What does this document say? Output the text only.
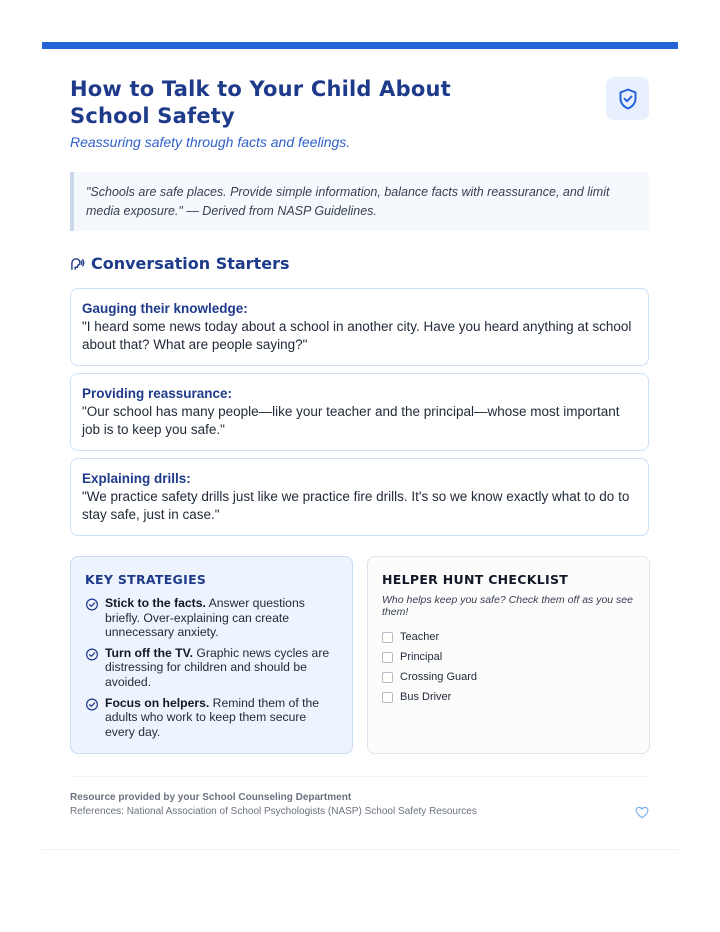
How to Talk to Your Child About School Safety
Reassuring safety through facts and feelings.
"Schools are safe places. Provide simple information, balance facts with reassurance, and limit media exposure." — Derived from NASP Guidelines.
Conversation Starters
Gauging their knowledge:
"I heard some news today about a school in another city. Have you heard anything at school about that? What are people saying?"
Providing reassurance:
"Our school has many people—like your teacher and the principal—whose most important job is to keep you safe."
Explaining drills:
"We practice safety drills just like we practice fire drills. It's so we know exactly what to do to stay safe, just in case."
KEY STRATEGIES
Stick to the facts. Answer questions briefly. Over-explaining can create unnecessary anxiety.
Turn off the TV. Graphic news cycles are distressing for children and should be avoided.
Focus on helpers. Remind them of the adults who work to keep them secure every day.
HELPER HUNT CHECKLIST
Who helps keep you safe? Check them off as you see them!
Teacher
Principal
Crossing Guard
Bus Driver
Resource provided by your School Counseling Department
References: National Association of School Psychologists (NASP) School Safety Resources
